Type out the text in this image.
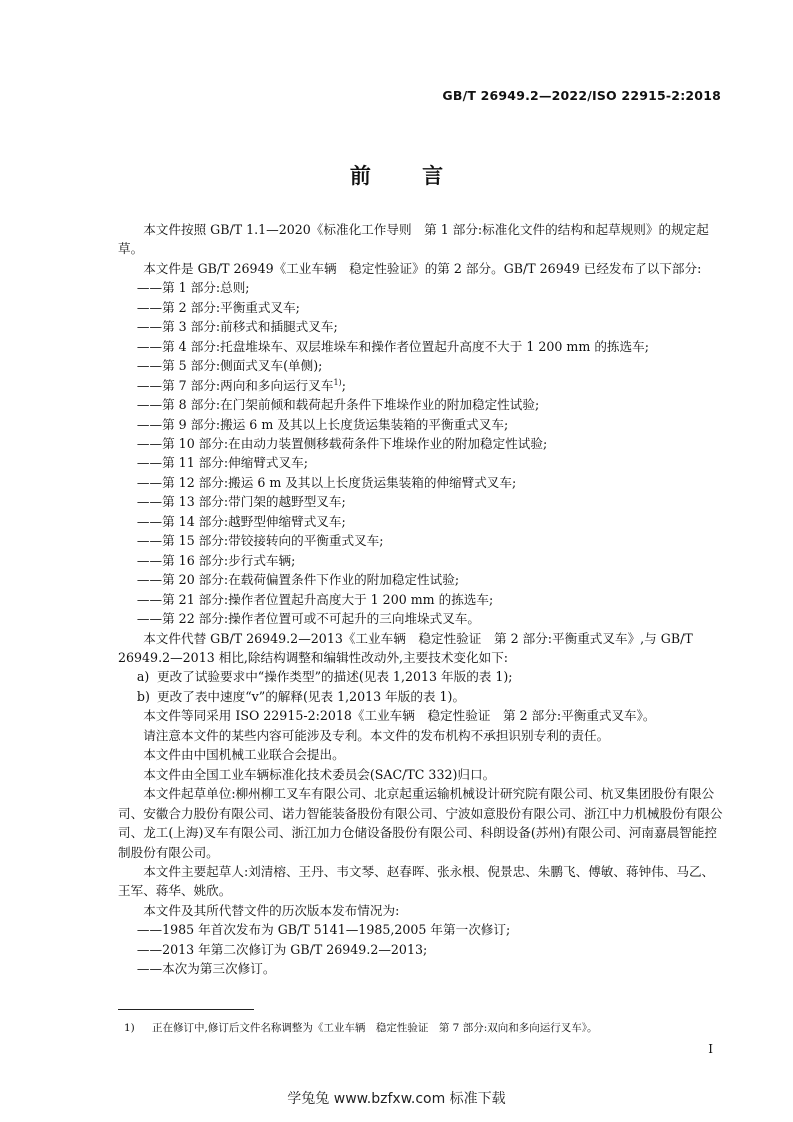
GB/T 26949.2—2022/ISO 22915-2:2018
前 言

本文件按照 GB/T 1.1—2020《标准化工作导则　第 1 部分:标准化文件的结构和起草规则》的规定起草。

本文件是 GB/T 26949《工业车辆　稳定性验证》的第 2 部分。GB/T 26949 已经发布了以下部分:

——第 1 部分:总则;

——第 2 部分:平衡重式叉车;

——第 3 部分:前移式和插腿式叉车;

——第 4 部分:托盘堆垛车、双层堆垛车和操作者位置起升高度不大于 1 200 mm 的拣选车;

——第 5 部分:侧面式叉车(单侧);

——第 7 部分:两向和多向运行叉车$^{1)}$;

——第 8 部分:在门架前倾和载荷起升条件下堆垛作业的附加稳定性试验;

——第 9 部分:搬运 6 m 及其以上长度货运集装箱的平衡重式叉车;

——第 10 部分:在由动力装置侧移载荷条件下堆垛作业的附加稳定性试验;

——第 11 部分:伸缩臂式叉车;

——第 12 部分:搬运 6 m 及其以上长度货运集装箱的伸缩臂式叉车;

——第 13 部分:带门架的越野型叉车;

——第 14 部分:越野型伸缩臂式叉车;

——第 15 部分:带铰接转向的平衡重式叉车;

——第 16 部分:步行式车辆;

——第 20 部分:在载荷偏置条件下作业的附加稳定性试验;

——第 21 部分:操作者位置起升高度大于 1 200 mm 的拣选车;

——第 22 部分:操作者位置可或不可起升的三向堆垛式叉车。

本文件代替 GB/T 26949.2—2013《工业车辆　稳定性验证　第 2 部分:平衡重式叉车》,与 GB/T 26949.2—2013 相比,除结构调整和编辑性改动外,主要技术变化如下:

a) 更改了试验要求中“操作类型”的描述(见表 1,2013 年版的表 1);

b) 更改了表中速度“v”的解释(见表 1,2013 年版的表 1)。

本文件等同采用 ISO 22915-2:2018《工业车辆　稳定性验证　第 2 部分:平衡重式叉车》。

请注意本文件的某些内容可能涉及专利。本文件的发布机构不承担识别专利的责任。

本文件由中国机械工业联合会提出。

本文件由全国工业车辆标准化技术委员会(SAC/TC 332)归口。

本文件起草单位:柳州柳工叉车有限公司、北京起重运输机械设计研究院有限公司、杭叉集团股份有限公司、安徽合力股份有限公司、诺力智能装备股份有限公司、宁波如意股份有限公司、浙江中力机械股份有限公司、龙工(上海)叉车有限公司、浙江加力仓储设备股份有限公司、科朗设备(苏州)有限公司、河南嘉晨智能控制股份有限公司。

本文件主要起草人:刘清榕、王丹、韦文琴、赵春晖、张永根、倪景忠、朱鹏飞、傅敏、蒋钟伟、马乙、王军、蒋华、姚欣。

本文件及其所代替文件的历次版本发布情况为:

——1985 年首次发布为 GB/T 5141—1985,2005 年第一次修订;

——2013 年第二次修订为 GB/T 26949.2—2013;

——本次为第三次修订。

1) 正在修订中,修订后文件名称调整为《工业车辆　稳定性验证　第 7 部分:双向和多向运行叉车》。
I
学兔兔 www.bzfxw.com 标准下载
